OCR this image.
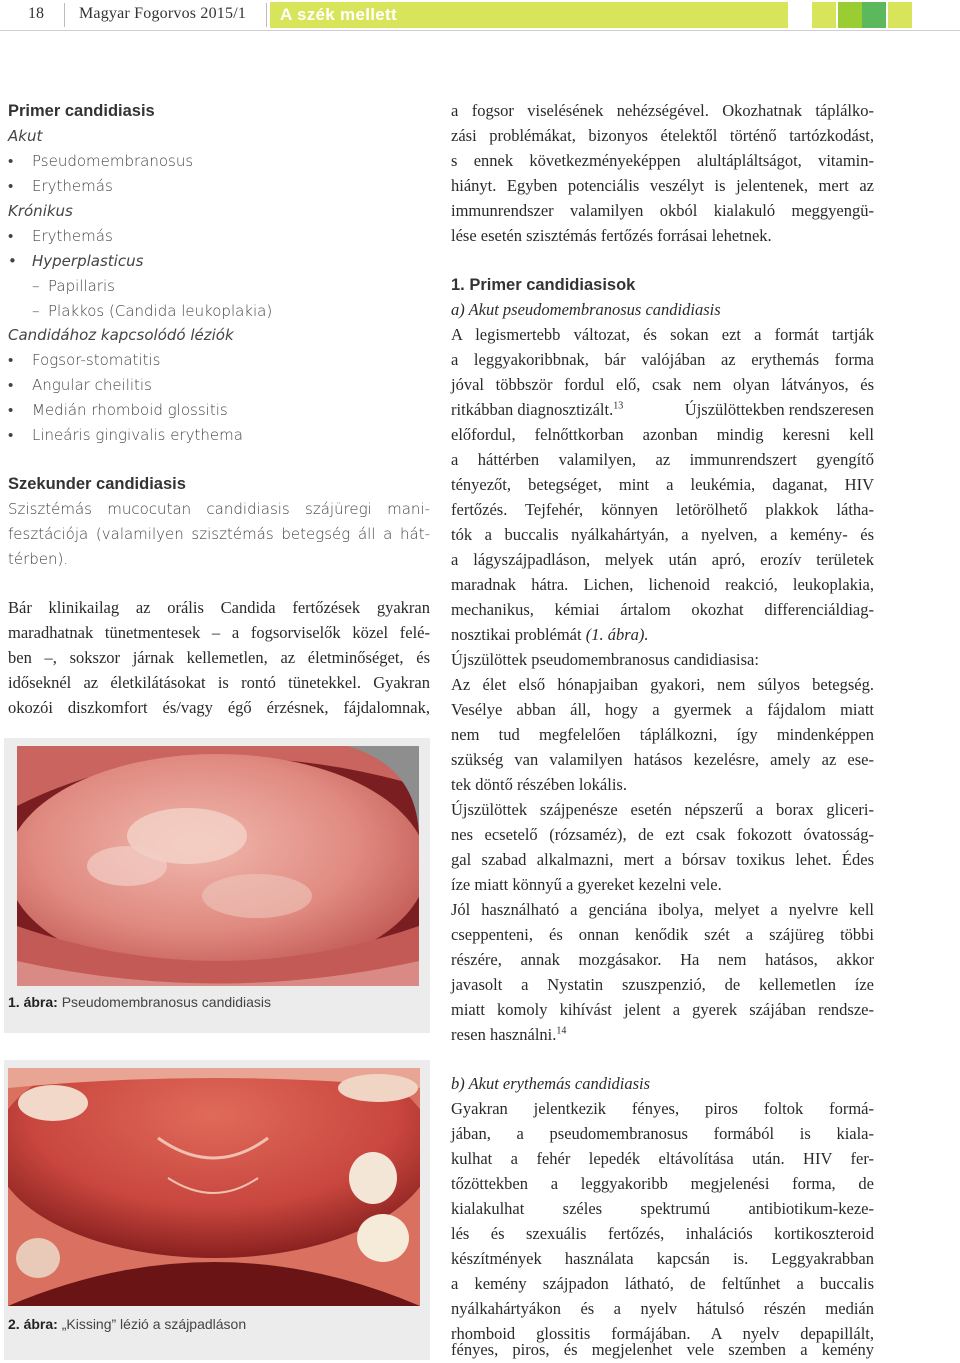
18 Magyar Fogorvos 2015/1	A szék mellett
Primer candidiasis
Akut
• Pseudomembranosus
• Erythemás
Krónikus
• Erythemás
• Hyperplasticus
– Papillaris
– Plakkos (Candida leukoplakia)
Candidához kapcsolódó léziók
• Fogsor-stomatitis
• Angular cheilitis
• Medián rhomboid glossitis
• Lineáris gingivalis erythema
Szekunder candidiasis
Szisztémás mucocutan candidiasis szájüregi mani-
fesztációja (valamilyen szisztémás betegség áll a hát-
térben).
Bár klinikailag az orális Candida fertőzések gyakran
maradhatnak tünetmentesek – a fogsorviselők közel felé-
ben –, sokszor járnak kellemetlen, az életminőséget, és
időseknél az életkilátásokat is rontó tünetekkel. Gyakran
okozói diszkomfort és/vagy égő érzésnek, fájdalomnak,
1. ábra: Pseudomembranosus candidiasis
2. ábra: „Kissing” lézió a szájpadláson
a fogsor viselésének nehézségével. Okozhatnak táplálko-
zási problémákat, bizonyos ételektől történő tartózkodást,
s ennek következményeképpen alultápláltságot, vitamin-
hiányt. Egyben potenciális veszélyt is jelentenek, mert az
immunrendszer valamilyen okból kialakuló meggyengü-
lése esetén szisztémás fertőzés forrásai lehetnek.
1. Primer candidiasisok
a) Akut pseudomembranosus candidiasis
A legismertebb változat, és sokan ezt a formát tartják
a leggyakoribbnak, bár valójában az erythemás forma
jóval többször fordul elő, csak nem olyan látványos, és
ritkábban diagnosztizált.$^{13}$	Újszülöttekben rendszeresen
előfordul, felnőttkorban azonban mindig keresni kell
a háttérben valamilyen, az immunrendszert gyengítő
tényezőt, betegséget, mint a leukémia, daganat, HIV
fertőzés. Tejfehér, könnyen letörölhető plakkok látha-
tók a buccalis nyálkahártyán, a nyelven, a kemény- és
a lágyszájpadláson, melyek után apró, erozív területek
maradnak hátra. Lichen, lichenoid reakció, leukoplakia,
mechanikus, kémiai ártalom okozhat differenciáldiag-
nosztikai problémát (1. ábra).
Újszülöttek pseudomembranosus candidiasisa:
Az élet első hónapjaiban gyakori, nem súlyos betegség.
Vesélye abban áll, hogy a gyermek a fájdalom miatt
nem tud megfelelően táplálkozni, így mindenképpen
szükség van valamilyen hatásos kezelésre, amely az ese-
tek döntő részében lokális.
Újszülöttek szájpenésze esetén népszerű a borax gliceri-
nes ecsetelő (rózsaméz), de ezt csak fokozott óvatosság-
gal szabad alkalmazni, mert a bórsav toxikus lehet. Édes
íze miatt könnyű a gyereket kezelni vele.
Jól használható a genciána ibolya, melyet a nyelvre kell
cseppenteni, és onnan kenődik szét a szájüreg többi
részére, annak mozgásakor. Ha nem hatásos, akkor
javasolt a Nystatin szuszpenzió, de kellemetlen íze
miatt komoly kihívást jelent a gyerek szájában rendsze-
resen használni.$^{14}$
b) Akut erythemás candidiasis
Gyakran jelentkezik fényes, piros foltok formá-
jában, a pseudomembranosus formából is kiala-
kulhat a fehér lepedék eltávolítása után. HIV fer-
tőzöttekben a leggyakoribb megjelenési forma, de
kialakulhat széles spektrumú antibiotikum-keze-
lés és szexuális fertőzés, inhalációs kortikoszteroid
készítmények használata kapcsán is. Leggyakrabban
a kemény szájpadon látható, de feltűnhet a buccalis
nyálkahártyákon és a nyelv hátulsó részén medián
rhomboid glossitis formájában. A nyelv depapillált,
fényes, piros, és megjelenhet vele szemben a kemény
